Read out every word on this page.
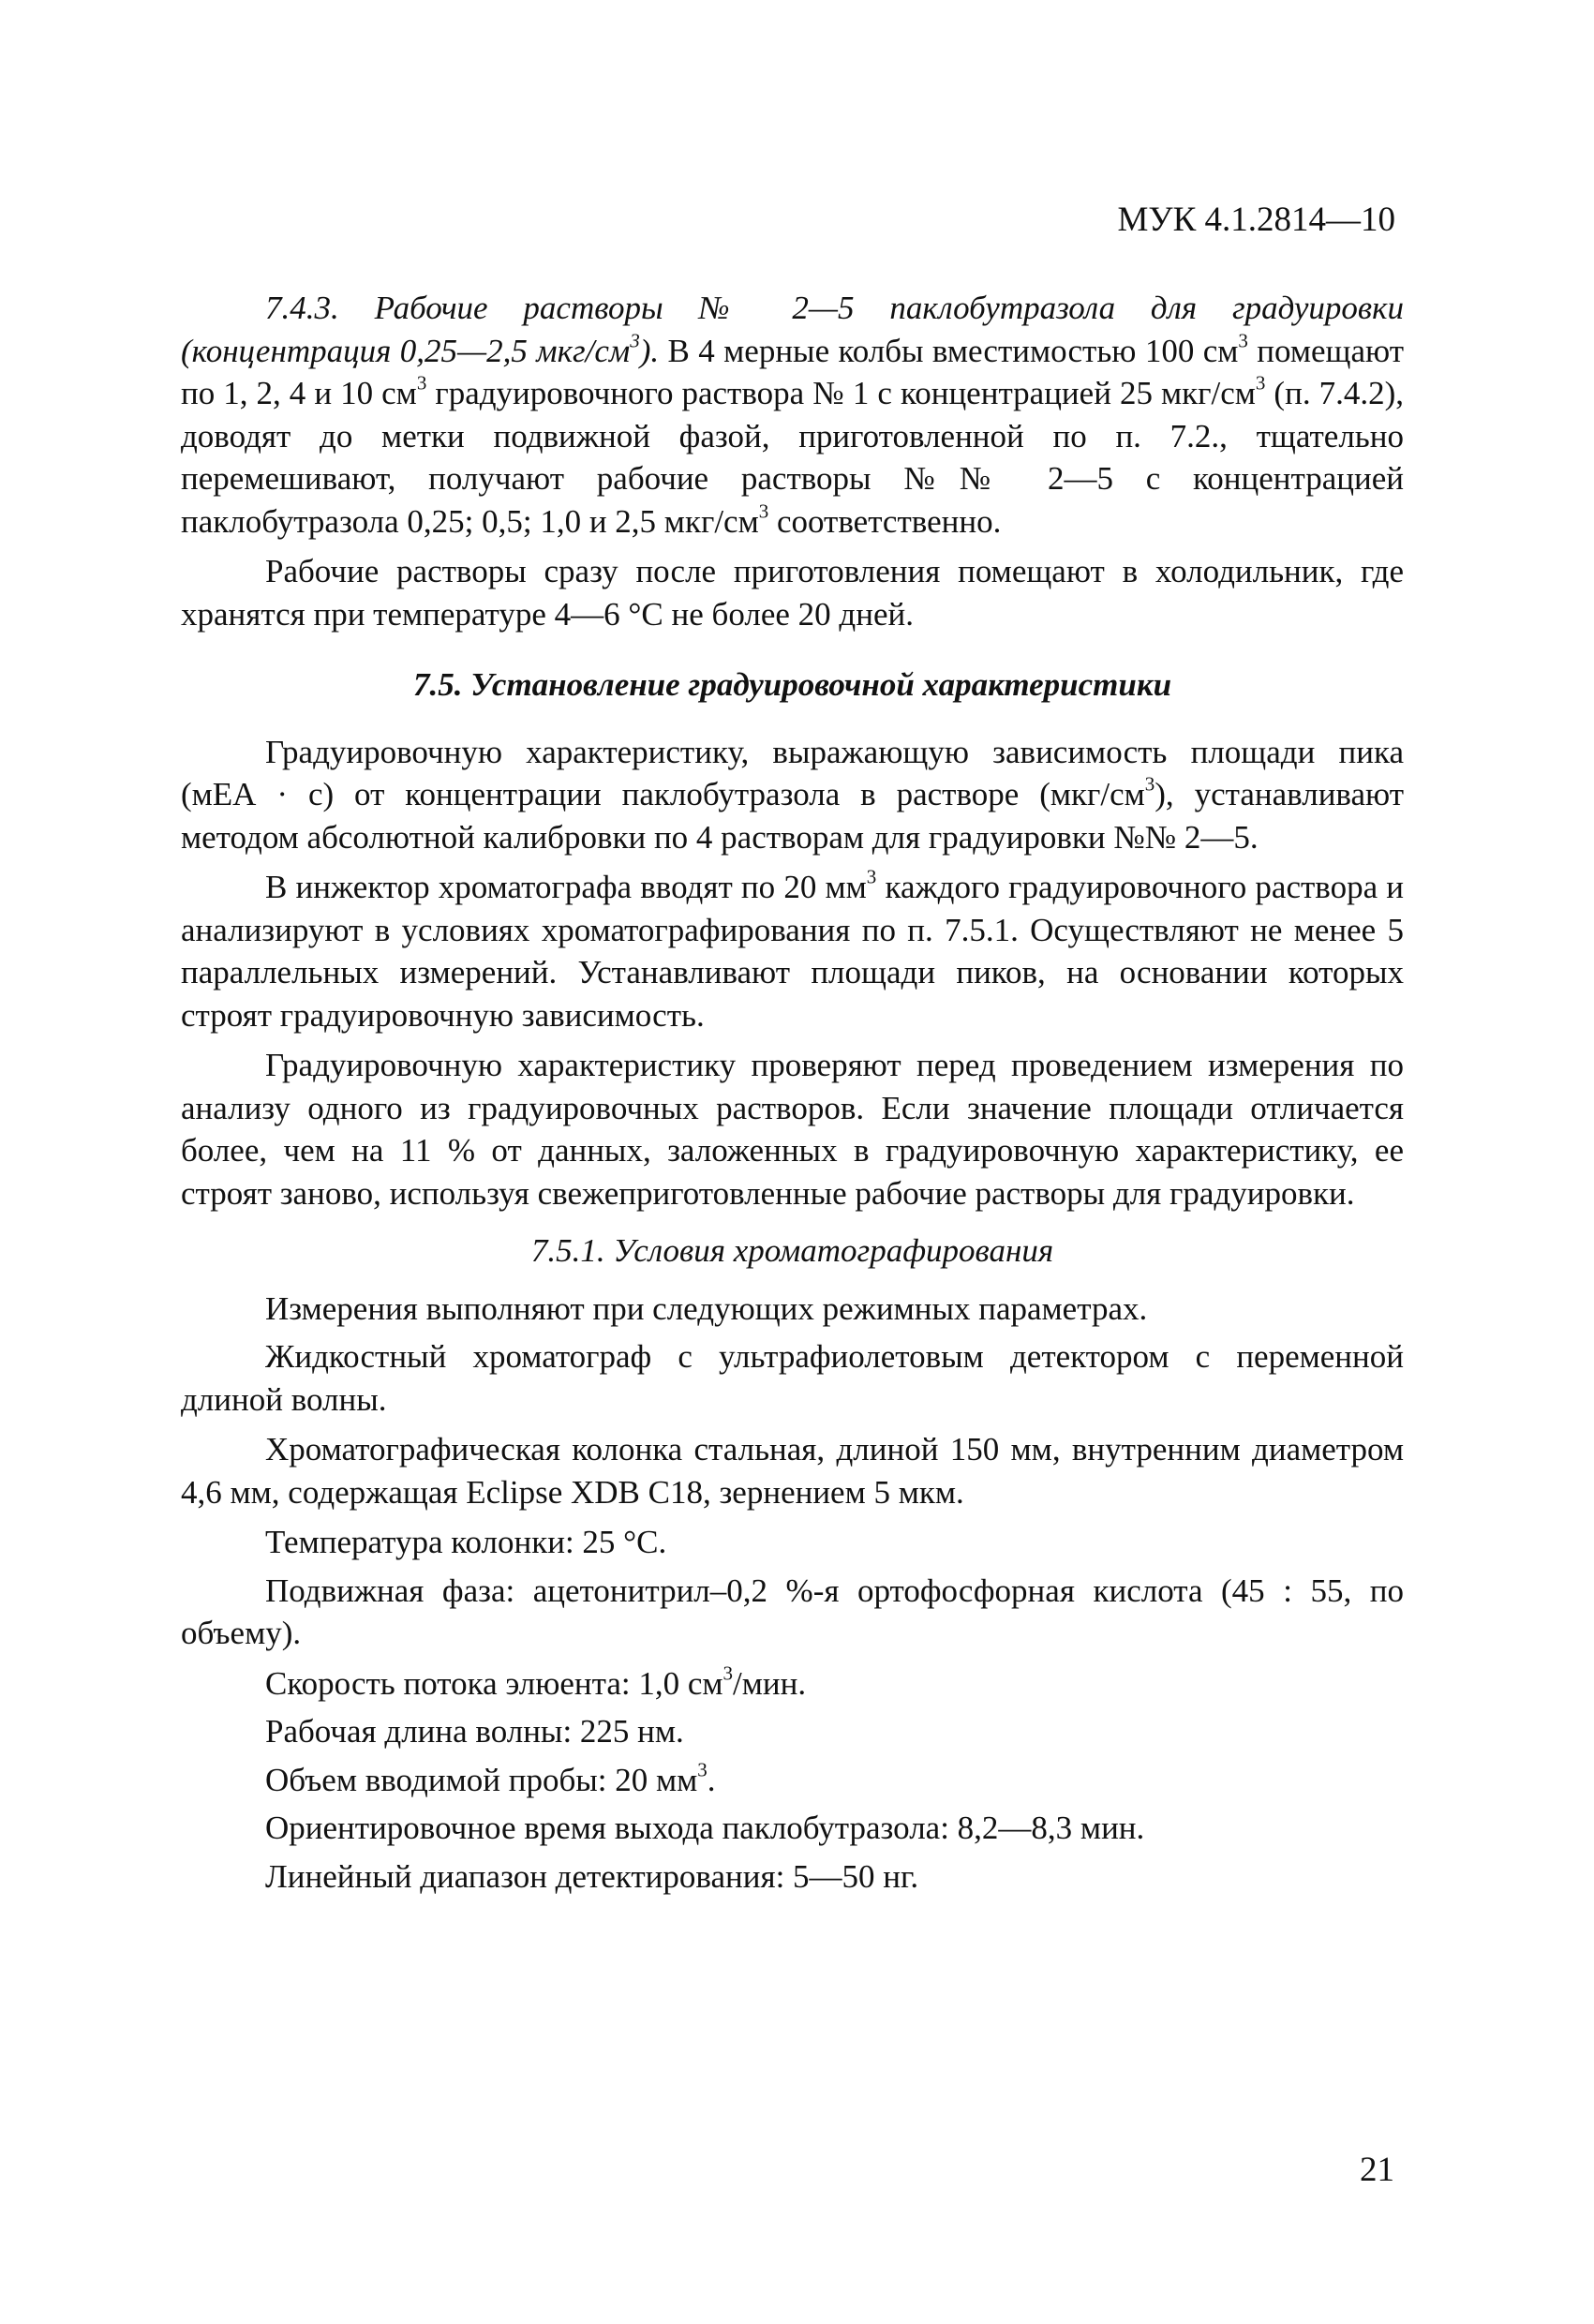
МУК 4.1.2814—10

7.4.3. Рабочие растворы № 2—5 паклобутразола для градуировки (концентрация 0,25—2,5 мкг/$см^3$). В 4 мерные колбы вместимостью 100 $см^3$ помещают по 1, 2, 4 и 10 $см^3$ градуировочного раствора № 1 с концентрацией 25 мкг/$см^3$ (п. 7.4.2), доводят до метки подвижной фазой, приготовленной по п. 7.2., тщательно перемешивают, получают рабочие растворы №№ 2—5 с концентрацией паклобутразола 0,25; 0,5; 1,0 и 2,5 мкг/$см^3$ соответственно.

Рабочие растворы сразу после приготовления помещают в холодильник, где хранятся при температуре 4—6 °С не более 20 дней.

7.5. Установление градуировочной характеристики

Градуировочную характеристику, выражающую зависимость площади пика (мЕА · с) от концентрации паклобутразола в растворе $(мкг/см^3)$, устанавливают методом абсолютной калибровки по 4 растворам для градуировки №№ 2—5.

В инжектор хроматографа вводят по 20 $мм^3$ каждого градуировочного раствора и анализируют в условиях хроматографирования по п. 7.5.1. Осуществляют не менее 5 параллельных измерений. Устанавливают площади пиков, на основании которых строят градуировочную зависимость.

Градуировочную характеристику проверяют перед проведением измерения по анализу одного из градуировочных растворов. Если значение площади отличается более, чем на 11 % от данных, заложенных в градуировочную характеристику, ее строят заново, используя свежеприготовленные рабочие растворы для градуировки.

7.5.1. Условия хроматографирования

Измерения выполняют при следующих режимных параметрах.

Жидкостный хроматограф с ультрафиолетовым детектором с переменной длиной волны.

Хроматографическая колонка стальная, длиной 150 мм, внутренним диаметром 4,6 мм, содержащая Eclipse XDB C18, зернением 5 мкм.

Температура колонки: 25 °С.

Подвижная фаза: ацетонитрил–0,2 %-я ортофосфорная кислота (45 : 55, по объему).

Скорость потока элюента: 1,0 $см^3$/мин.

Рабочая длина волны: 225 нм.

Объем вводимой пробы: 20 $мм^3$.

Ориентировочное время выхода паклобутразола: 8,2—8,3 мин.

Линейный диапазон детектирования: 5—50 нг.

21
